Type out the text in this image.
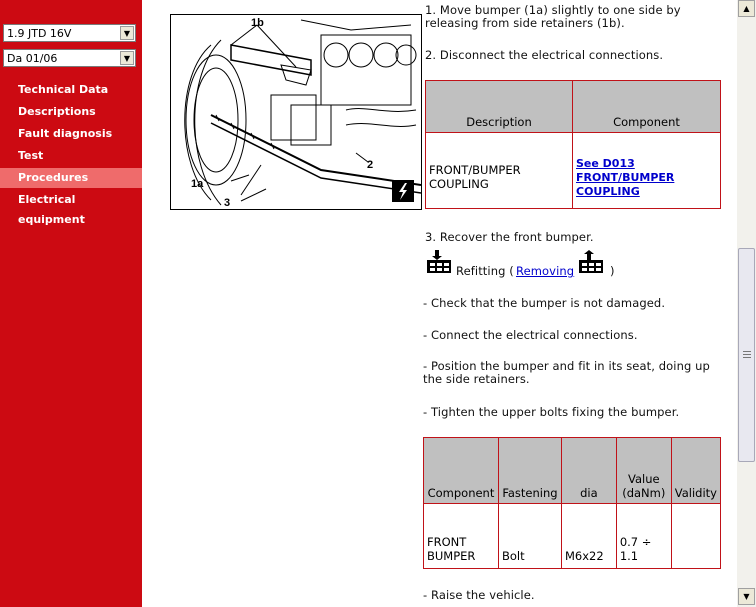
1.9 JTD 16V	▼
Da 01/06	▼
Technical Data
Descriptions
Fault diagnosis
Test
Procedures
Electrical equipment
1b
1a
2
3
1. Move bumper (1a) slightly to one side by releasing from side retainers (1b).
2. Disconnect the electrical connections.
Description	Component
FRONT/BUMPER COUPLING	See D013 FRONT/BUMPER COUPLING
3. Recover the front bumper.
Refitting ( Removing	)
- Check that the bumper is not damaged.
- Connect the electrical connections.
- Position the bumper and fit in its seat, doing up the side retainers.
- Tighten the upper bolts fixing the bumper.
Component	Fastening	dia	Value (daNm)	Validity
FRONT BUMPER	Bolt	M6x22	0.7 ÷ 1.1	
- Raise the vehicle.
▲
▼
